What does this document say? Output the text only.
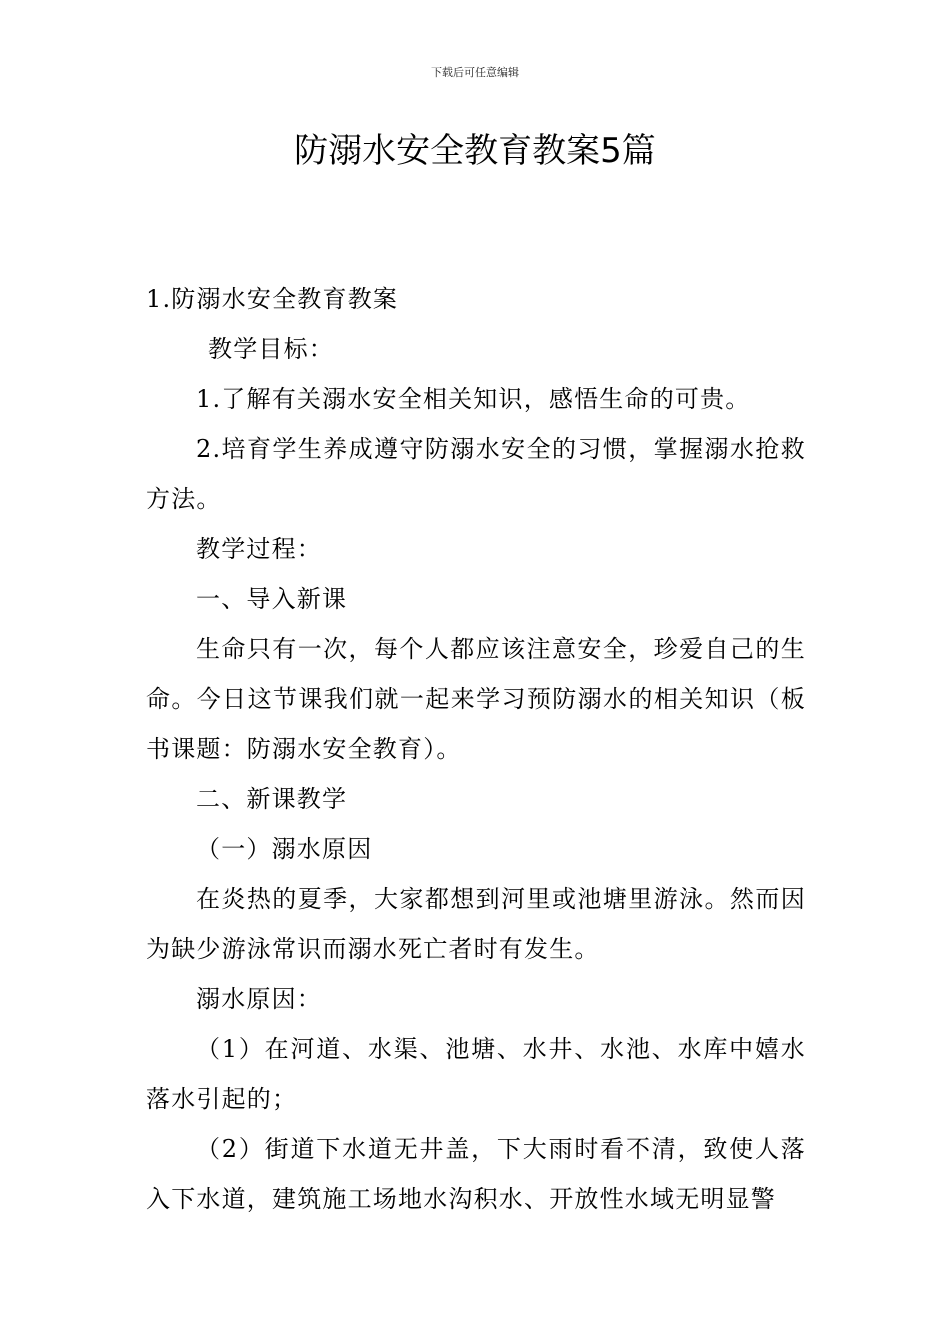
下载后可任意编辑
防溺水安全教育教案5篇

1.防溺水安全教育教案

教学目标：

1.了解有关溺水安全相关知识，感悟生命的可贵。

2.培育学生养成遵守防溺水安全的习惯，掌握溺水抢救方法。

教学过程：

一、导入新课

生命只有一次，每个人都应该注意安全，珍爱自己的生命。今日这节课我们就一起来学习预防溺水的相关知识（板书课题：防溺水安全教育）。

二、新课教学

（一）溺水原因

在炎热的夏季，大家都想到河里或池塘里游泳。然而因为缺少游泳常识而溺水死亡者时有发生。

溺水原因：

（1）在河道、水渠、池塘、水井、水池、水库中嬉水落水引起的；

（2）街道下水道无井盖，下大雨时看不清，致使人落入下水道，建筑施工场地水沟积水、开放性水域无明显警
